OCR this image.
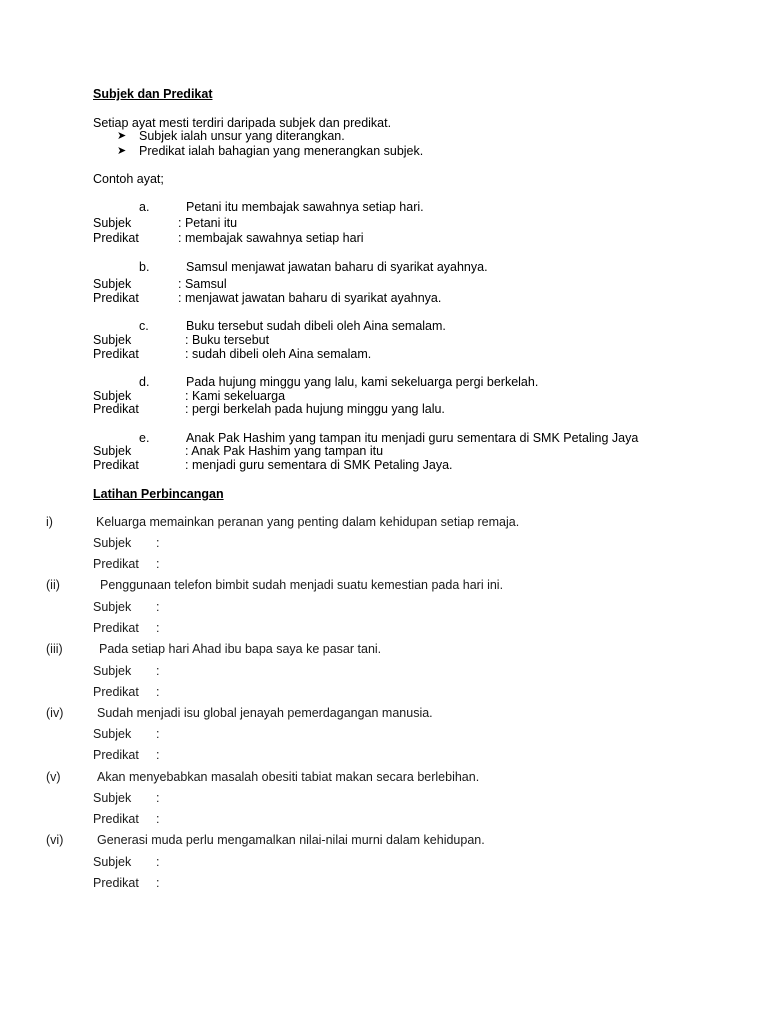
Subjek dan Predikat
Setiap ayat mesti terdiri daripada subjek dan predikat.
➤ Subjek ialah unsur yang diterangkan.
➤ Predikat ialah bahagian yang menerangkan subjek.
Contoh ayat;
a.	Petani itu membajak sawahnya setiap hari.
Subjek	: Petani itu
Predikat	: membajak sawahnya setiap hari
b.	Samsul menjawat jawatan baharu di syarikat ayahnya.
Subjek	: Samsul
Predikat	: menjawat jawatan baharu di syarikat ayahnya.
c.	Buku tersebut sudah dibeli oleh Aina semalam.
Subjek	: Buku tersebut
Predikat	: sudah dibeli oleh Aina semalam.
d.	Pada hujung minggu yang lalu, kami sekeluarga pergi berkelah.
Subjek	: Kami sekeluarga
Predikat	: pergi berkelah pada hujung minggu yang lalu.
e.	Anak Pak Hashim yang tampan itu menjadi guru sementara di SMK Petaling Jaya
Subjek	: Anak Pak Hashim yang tampan itu
Predikat	: menjadi guru sementara di SMK Petaling Jaya.
Latihan Perbincangan
i)	Keluarga memainkan peranan yang penting dalam kehidupan setiap remaja.
Subjek :
Predikat :
(ii)	Penggunaan telefon bimbit sudah menjadi suatu kemestian pada hari ini.
Subjek :
Predikat :
(iii)	Pada setiap hari Ahad ibu bapa saya ke pasar tani.
Subjek :
Predikat :
(iv)	Sudah menjadi isu global jenayah pemerdagangan manusia.
Subjek :
Predikat :
(v)	Akan menyebabkan masalah obesiti tabiat makan secara berlebihan.
Subjek :
Predikat :
(vi)	Generasi muda perlu mengamalkan nilai-nilai murni dalam kehidupan.
Subjek :
Predikat :
